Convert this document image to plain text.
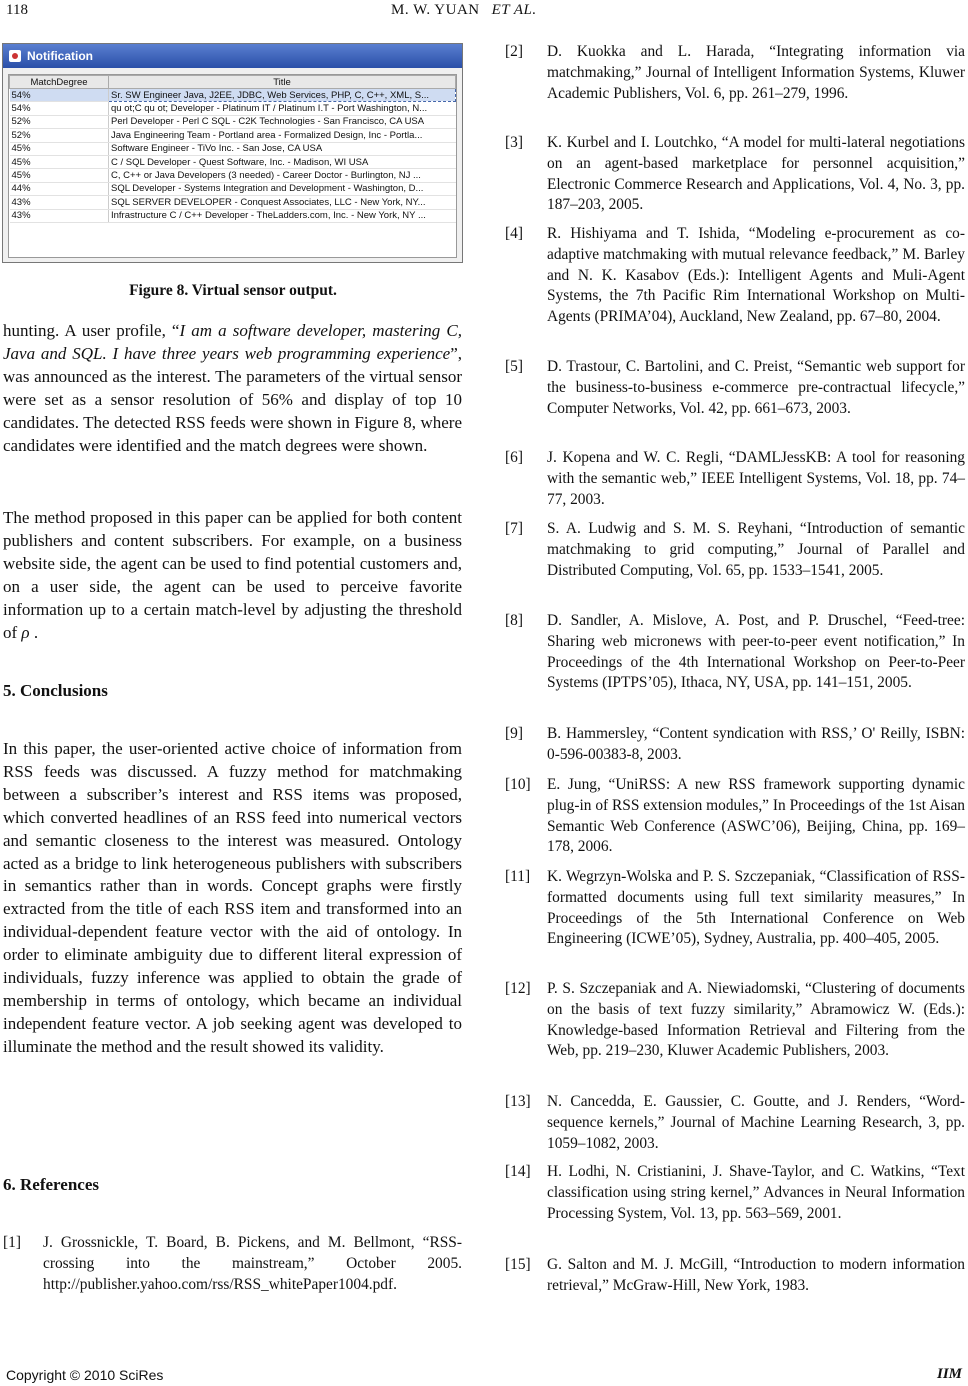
118	M. W. YUAN ET AL.
Notification
MatchDegree	Title
54%	Sr. SW Engineer Java, J2EE, JDBC, Web Services, PHP, C, C++, XML, S...
54%	qu ot;C qu ot; Developer - Platinum IT / Platinum I.T - Port Washington, N...
52%	Perl Developer - Perl C SQL - C2K Technologies - San Francisco, CA USA
52%	Java Engineering Team - Portland area - Formalized Design, Inc - Portla...
45%	Software Engineer - TiVo Inc. - San Jose, CA USA
45%	C / SQL Developer - Quest Software, Inc. - Madison, WI USA
45%	C, C++ or Java Developers (3 needed) - Career Doctor - Burlington, NJ ...
44%	SQL Developer - Systems Integration and Development - Washington, D...
43%	SQL SERVER DEVELOPER - Conquest Associates, LLC - New York, NY...
43%	Infrastructure C / C++ Developer - TheLadders.com, Inc. - New York, NY ...
Figure 8. Virtual sensor output.

hunting. A user profile, “I am a software developer, mastering C, Java and SQL. I have three years web programming experience”, was announced as the interest. The parameters of the virtual sensor were set as a sensor resolution of 56% and display of top 10 candidates. The detected RSS feeds were shown in Figure 8, where candidates were identified and the match degrees were shown.

The method proposed in this paper can be applied for both content publishers and content subscribers. For example, on a business website side, the agent can be used to find potential customers and, on a user side, the agent can be used to perceive favorite information up to a certain match-level by adjusting the threshold of ρ .

5. Conclusions

In this paper, the user-oriented active choice of information from RSS feeds was discussed. A fuzzy method for matchmaking between a subscriber’s interest and RSS items was proposed, which converted headlines of an RSS feed into numerical vectors and semantic closeness to the interest was measured. Ontology acted as a bridge to link heterogeneous publishers with subscribers in semantics rather than in words. Concept graphs were firstly extracted from the title of each RSS item and transformed into an individual-dependent feature vector with the aid of ontology. In order to eliminate ambiguity due to different literal expression of individuals, fuzzy inference was applied to obtain the grade of membership in terms of ontology, which became an individual independent feature vector. A job seeking agent was developed to illuminate the method and the result showed its validity.

6. References
[1] J. Grossnickle, T. Board, B. Pickens, and M. Bellmont, “RSS-crossing into the mainstream,” October 2005. http://publisher.yahoo.com/rss/RSS_whitePaper1004.pdf.
[2] D. Kuokka and L. Harada, “Integrating information via matchmaking,” Journal of Intelligent Information Systems, Kluwer Academic Publishers, Vol. 6, pp. 261–279, 1996.
[3] K. Kurbel and I. Loutchko, “A model for multi-lateral negotiations on an agent-based marketplace for personnel acquisition,” Electronic Commerce Research and Applications, Vol. 4, No. 3, pp. 187–203, 2005.
[4] R. Hishiyama and T. Ishida, “Modeling e-procurement as co-adaptive matchmaking with mutual relevance feedback,” M. Barley and N. K. Kasabov (Eds.): Intelligent Agents and Muli-Agent Systems, the 7th Pacific Rim International Workshop on Multi-Agents (PRIMA’04), Auckland, New Zealand, pp. 67–80, 2004.
[5] D. Trastour, C. Bartolini, and C. Preist, “Semantic web support for the business-to-business e-commerce pre-contractual lifecycle,” Computer Networks, Vol. 42, pp. 661–673, 2003.
[6] J. Kopena and W. C. Regli, “DAMLJessKB: A tool for reasoning with the semantic web,” IEEE Intelligent Systems, Vol. 18, pp. 74–77, 2003.
[7] S. A. Ludwig and S. M. S. Reyhani, “Introduction of semantic matchmaking to grid computing,” Journal of Parallel and Distributed Computing, Vol. 65, pp. 1533–1541, 2005.
[8] D. Sandler, A. Mislove, A. Post, and P. Druschel, “Feed-tree: Sharing web micronews with peer-to-peer event notification,” In Proceedings of the 4th International Workshop on Peer-to-Peer Systems (IPTPS’05), Ithaca, NY, USA, pp. 141–151, 2005.
[9] B. Hammersley, “Content syndication with RSS,’ O' Reilly, ISBN: 0-596-00383-8, 2003.
[10] E. Jung, “UniRSS: A new RSS framework supporting dynamic plug-in of RSS extension modules,” In Proceedings of the 1st Aisan Semantic Web Conference (ASWC’06), Beijing, China, pp. 169–178, 2006.
[11] K. Wegrzyn-Wolska and P. S. Szczepaniak, “Classification of RSS-formatted documents using full text similarity measures,” In Proceedings of the 5th International Conference on Web Engineering (ICWE’05), Sydney, Australia, pp. 400–405, 2005.
[12] P. S. Szczepaniak and A. Niewiadomski, “Clustering of documents on the basis of text fuzzy similarity,” Abramowicz W. (Eds.): Knowledge-based Information Retrieval and Filtering from the Web, pp. 219–230, Kluwer Academic Publishers, 2003.
[13] N. Cancedda, E. Gaussier, C. Goutte, and J. Renders, “Word-sequence kernels,” Journal of Machine Learning Research, 3, pp. 1059–1082, 2003.
[14] H. Lodhi, N. Cristianini, J. Shave-Taylor, and C. Watkins, “Text classification using string kernel,” Advances in Neural Information Processing System, Vol. 13, pp. 563–569, 2001.
[15] G. Salton and M. J. McGill, “Introduction to modern information retrieval,” McGraw-Hill, New York, 1983.
Copyright © 2010 SciRes	IIM
